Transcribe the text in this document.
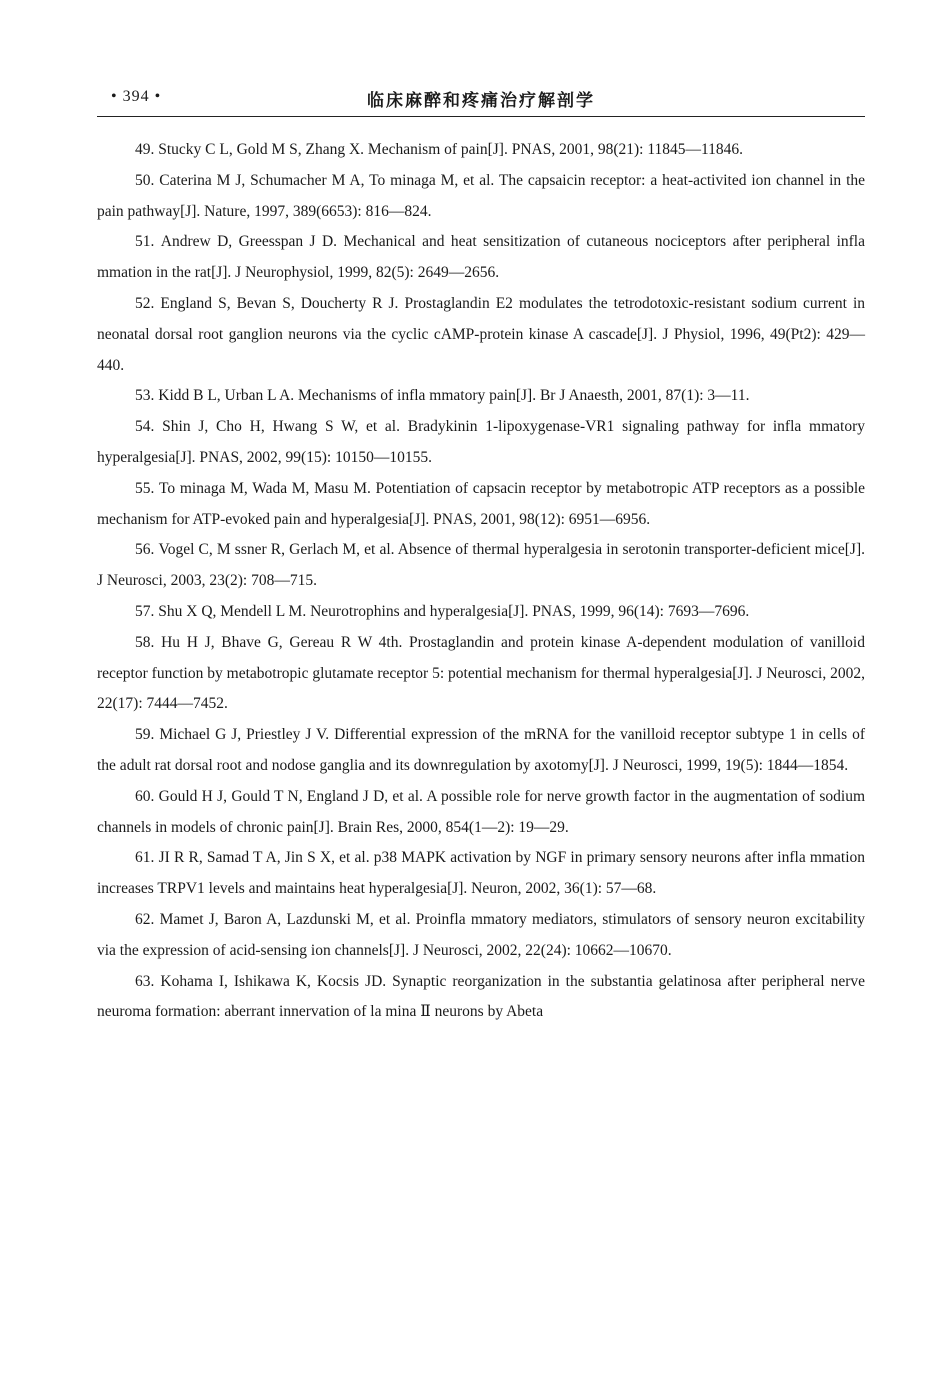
• 394 •	临床麻醉和疼痛治疗解剖学

49. Stucky C L, Gold M S, Zhang X. Mechanism of pain[J]. PNAS, 2001, 98(21): 11845—11846.

50. Caterina M J, Schumacher M A, To minaga M, et al. The capsaicin receptor: a heat-activited ion channel in the pain pathway[J]. Nature, 1997, 389(6653): 816—824.

51. Andrew D, Greesspan J D. Mechanical and heat sensitization of cutaneous nociceptors after peripheral infla mmation in the rat[J]. J Neurophysiol, 1999, 82(5): 2649—2656.

52. England S, Bevan S, Doucherty R J. Prostaglandin E2 modulates the tetrodotoxic-resistant sodium current in neonatal dorsal root ganglion neurons via the cyclic cAMP-protein kinase A cascade[J]. J Physiol, 1996, 49(Pt2): 429—440.

53. Kidd B L, Urban L A. Mechanisms of infla mmatory pain[J]. Br J Anaesth, 2001, 87(1): 3—11.

54. Shin J, Cho H, Hwang S W, et al. Bradykinin 1-lipoxygenase-VR1 signaling pathway for infla mmatory hyperalgesia[J]. PNAS, 2002, 99(15): 10150—10155.

55. To minaga M, Wada M, Masu M. Potentiation of capsacin receptor by metabotropic ATP receptors as a possible mechanism for ATP-evoked pain and hyperalgesia[J]. PNAS, 2001, 98(12): 6951—6956.

56. Vogel C, M ssner R, Gerlach M, et al. Absence of thermal hyperalgesia in serotonin transporter-deficient mice[J]. J Neurosci, 2003, 23(2): 708—715.

57. Shu X Q, Mendell L M. Neurotrophins and hyperalgesia[J]. PNAS, 1999, 96(14): 7693—7696.

58. Hu H J, Bhave G, Gereau R W 4th. Prostaglandin and protein kinase A-dependent modulation of vanilloid receptor function by metabotropic glutamate receptor 5: potential mechanism for thermal hyperalgesia[J]. J Neurosci, 2002, 22(17): 7444—7452.

59. Michael G J, Priestley J V. Differential expression of the mRNA for the vanilloid receptor subtype 1 in cells of the adult rat dorsal root and nodose ganglia and its downregulation by axotomy[J]. J Neurosci, 1999, 19(5): 1844—1854.

60. Gould H J, Gould T N, England J D, et al. A possible role for nerve growth factor in the augmentation of sodium channels in models of chronic pain[J]. Brain Res, 2000, 854(1—2): 19—29.

61. JI R R, Samad T A, Jin S X, et al. p38 MAPK activation by NGF in primary sensory neurons after infla mmation increases TRPV1 levels and maintains heat hyperalgesia[J]. Neuron, 2002, 36(1): 57—68.

62. Mamet J, Baron A, Lazdunski M, et al. Proinfla mmatory mediators, stimulators of sensory neuron excitability via the expression of acid-sensing ion channels[J]. J Neurosci, 2002, 22(24): 10662—10670.

63. Kohama I, Ishikawa K, Kocsis JD. Synaptic reorganization in the substantia gelatinosa after peripheral nerve neuroma formation: aberrant innervation of la mina Ⅱ neurons by Abeta
